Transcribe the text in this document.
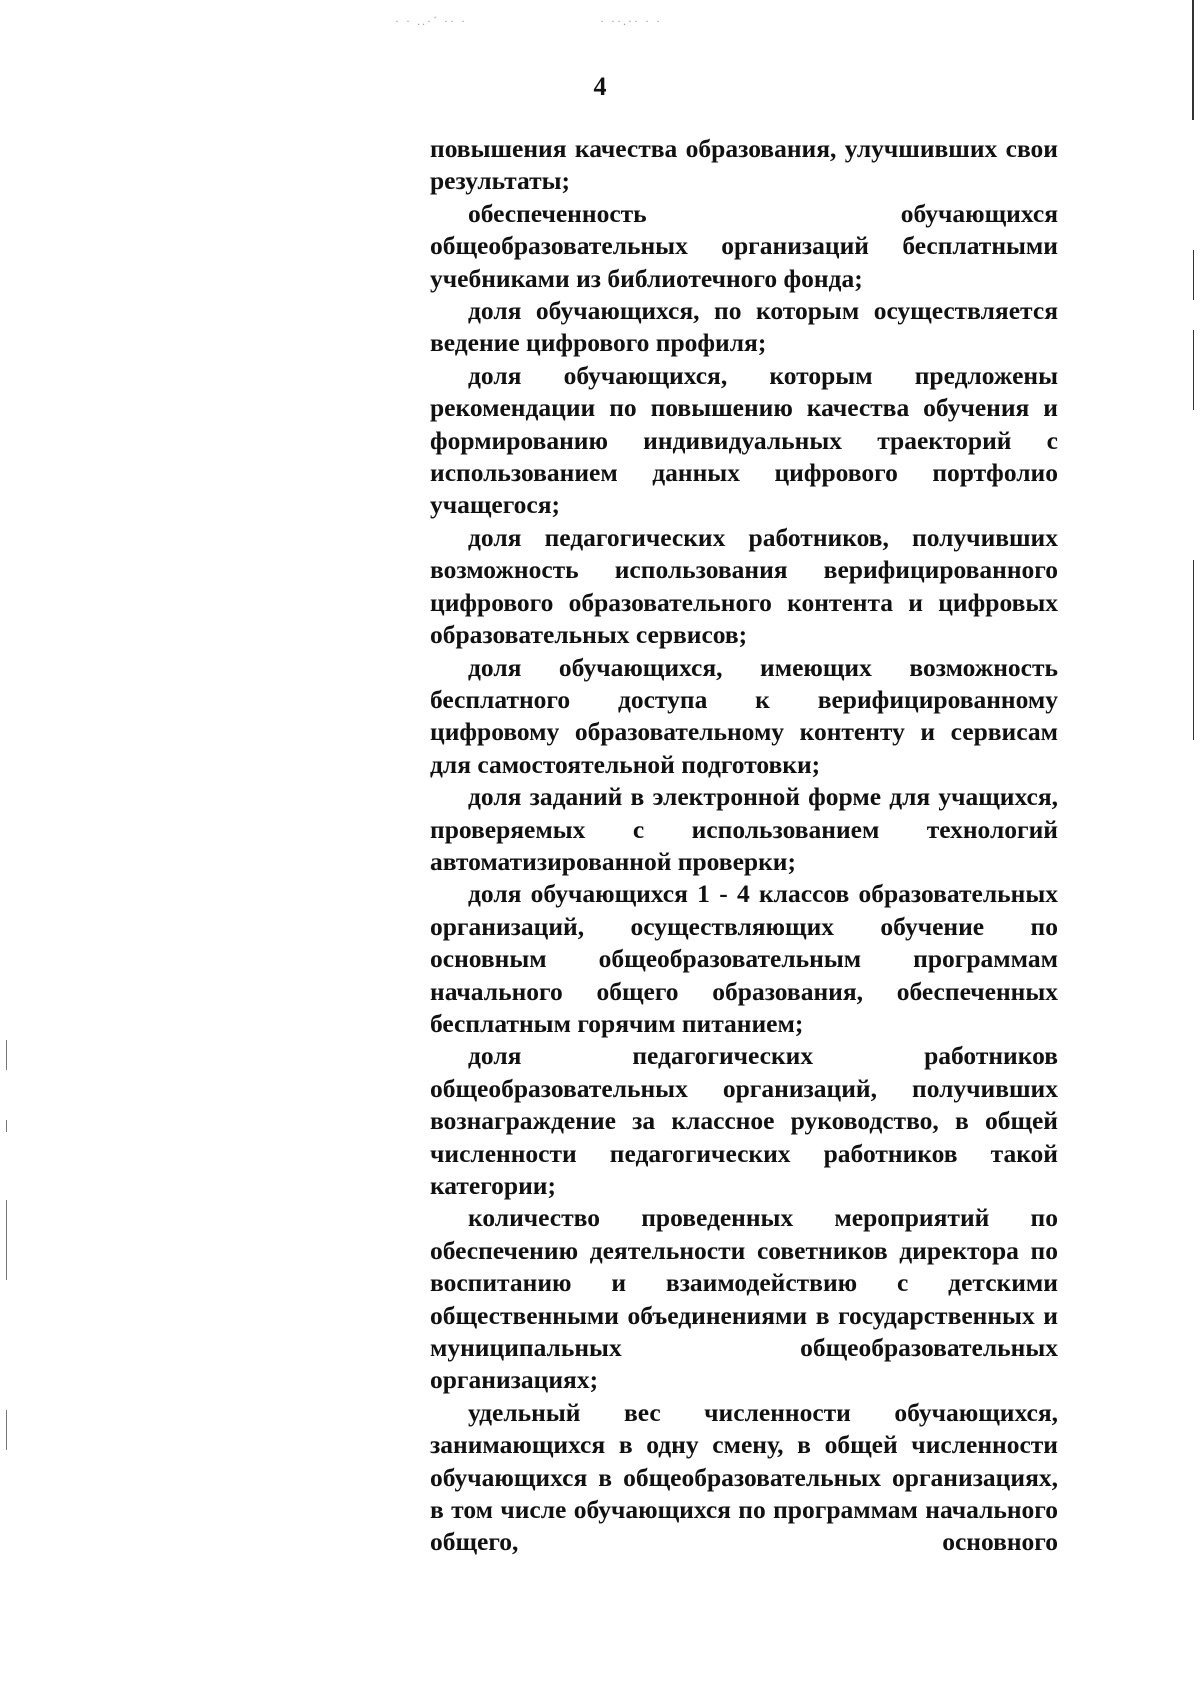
· · ..·´ ·· ·	· ··.·· · ·
4

повышения качества образования, улучшивших свои результаты;

обеспеченность обучающихся общеобразовательных организаций бесплатными учебниками из библиотечного фонда;

доля обучающихся, по которым осуществляется ведение цифрового профиля;

доля обучающихся, которым предложены рекомендации по повышению качества обучения и формированию индивидуальных траекторий с использованием данных цифрового портфолио учащегося;

доля педагогических работников, получивших возможность использования верифицированного цифрового образовательного контента и цифровых образовательных сервисов;

доля обучающихся, имеющих возможность бесплатного доступа к верифицированному цифровому образовательному контенту и сервисам для самостоятельной подготовки;

доля заданий в электронной форме для учащихся, проверяемых с использованием технологий автоматизированной проверки;

доля обучающихся 1 - 4 классов образовательных организаций, осуществляющих обучение по основным общеобразовательным программам начального общего образования, обеспеченных бесплатным горячим питанием;

доля педагогических работников общеобразовательных организаций, получивших вознаграждение за классное руководство, в общей численности педагогических работников такой категории;

количество проведенных мероприятий по обеспечению деятельности советников директора по воспитанию и взаимодействию с детскими общественными объединениями в государственных и муниципальных общеобразовательных организациях;

удельный вес численности обучающихся, занимающихся в одну смену, в общей численности обучающихся в общеобразовательных организациях, в том числе обучающихся по программам начального общего, основного
